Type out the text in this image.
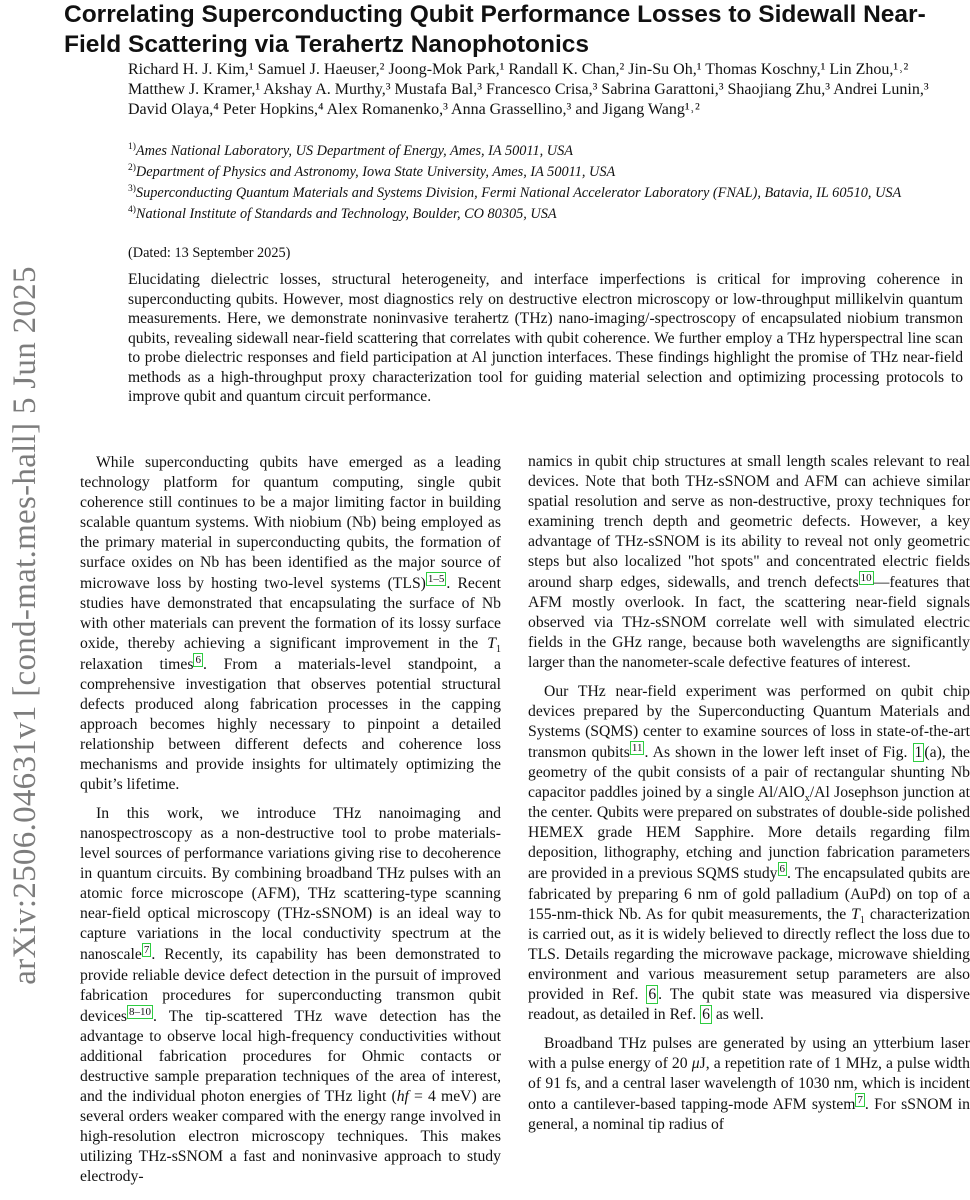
arXiv:2506.04631v1 [cond-mat.mes-hall] 5 Jun 2025
Correlating Superconducting Qubit Performance Losses to Sidewall Near-Field Scattering via Terahertz Nanophotonics

Richard H. J. Kim,¹ Samuel J. Haeuser,² Joong-Mok Park,¹ Randall K. Chan,² Jin-Su Oh,¹ Thomas Koschny,¹ Lin Zhou,¹˒² Matthew J. Kramer,¹ Akshay A. Murthy,³ Mustafa Bal,³ Francesco Crisa,³ Sabrina Garattoni,³ Shaojiang Zhu,³ Andrei Lunin,³ David Olaya,⁴ Peter Hopkins,⁴ Alex Romanenko,³ Anna Grassellino,³ and Jigang Wang¹˒²

$^{1)}$Ames National Laboratory, US Department of Energy, Ames, IA 50011, USA
$^{2)}$Department of Physics and Astronomy, Iowa State University, Ames, IA 50011, USA
$^{3)}$Superconducting Quantum Materials and Systems Division, Fermi National Accelerator Laboratory (FNAL), Batavia, IL 60510, USA
$^{4)}$National Institute of Standards and Technology, Boulder, CO 80305, USA
(Dated: 13 September 2025)

Elucidating dielectric losses, structural heterogeneity, and interface imperfections is critical for improving coherence in superconducting qubits. However, most diagnostics rely on destructive electron microscopy or low-throughput millikelvin quantum measurements. Here, we demonstrate noninvasive terahertz (THz) nano-imaging/-spectroscopy of encapsulated niobium transmon qubits, revealing sidewall near-field scattering that correlates with qubit coherence. We further employ a THz hyperspectral line scan to probe dielectric responses and field participation at Al junction interfaces. These findings highlight the promise of THz near-field methods as a high-throughput proxy characterization tool for guiding material selection and optimizing processing protocols to improve qubit and quantum circuit performance.

While superconducting qubits have emerged as a leading technology platform for quantum computing, single qubit coherence still continues to be a major limiting factor in building scalable quantum systems. With niobium (Nb) being employed as the primary material in superconducting qubits, the formation of surface oxides on Nb has been identified as the major source of microwave loss by hosting two-level systems (TLS) $^{1-5}$ . Recent studies have demonstrated that encapsulating the surface of Nb with other materials can prevent the formation of its lossy surface oxide, thereby achieving a significant improvement in the $T_1$ relaxation times $^6$ . From a materials-level standpoint, a comprehensive investigation that observes potential structural defects produced along fabrication processes in the capping approach becomes highly necessary to pinpoint a detailed relationship between different defects and coherence loss mechanisms and provide insights for ultimately optimizing the qubit’s lifetime.

In this work, we introduce THz nanoimaging and nanospectroscopy as a non-destructive tool to probe materials-level sources of performance variations giving rise to decoherence in quantum circuits. By combining broadband THz pulses with an atomic force microscope (AFM), THz scattering-type scanning near-field optical microscopy (THz-sSNOM) is an ideal way to capture variations in the local conductivity spectrum at the nanoscale $^7$ . Recently, its capability has been demonstrated to provide reliable device defect detection in the pursuit of improved fabrication procedures for superconducting transmon qubit devices $^{8-10}$ . The tip-scattered THz wave detection has the advantage to observe local high-frequency conductivities without additional fabrication procedures for Ohmic contacts or destructive sample preparation techniques of the area of interest, and the individual photon energies of THz light (hf = 4 meV) are several orders weaker compared with the energy range involved in high-resolution electron microscopy techniques. This makes utilizing THz-sSNOM a fast and noninvasive approach to study electrody-

namics in qubit chip structures at small length scales relevant to real devices. Note that both THz-sSNOM and AFM can achieve similar spatial resolution and serve as non-destructive, proxy techniques for examining trench depth and geometric defects. However, a key advantage of THz-sSNOM is its ability to reveal not only geometric steps but also localized "hot spots" and concentrated electric fields around sharp edges, sidewalls, and trench defects $^{10}$ —features that AFM mostly overlook. In fact, the scattering near-field signals observed via THz-sSNOM correlate well with simulated electric fields in the GHz range, because both wavelengths are significantly larger than the nanometer-scale defective features of interest.

Our THz near-field experiment was performed on qubit chip devices prepared by the Superconducting Quantum Materials and Systems (SQMS) center to examine sources of loss in state-of-the-art transmon qubits $^{11}$ . As shown in the lower left inset of Fig. 1 (a), the geometry of the qubit consists of a pair of rectangular shunting Nb capacitor paddles joined by a single Al/AlO$_x$/Al Josephson junction at the center. Qubits were prepared on substrates of double-side polished HEMEX grade HEM Sapphire. More details regarding film deposition, lithography, etching and junction fabrication parameters are provided in a previous SQMS study $^6$ . The encapsulated qubits are fabricated by preparing 6 nm of gold palladium (AuPd) on top of a 155-nm-thick Nb. As for qubit measurements, the $T_1$ characterization is carried out, as it is widely believed to directly reflect the loss due to TLS. Details regarding the microwave package, microwave shielding environment and various measurement setup parameters are also provided in Ref. 6 . The qubit state was measured via dispersive readout, as detailed in Ref. 6 as well.

Broadband THz pulses are generated by using an ytterbium laser with a pulse energy of 20 μJ, a repetition rate of 1 MHz, a pulse width of 91 fs, and a central laser wavelength of 1030 nm, which is incident onto a cantilever-based tapping-mode AFM system $^7$ . For sSNOM in general, a nominal tip radius of
